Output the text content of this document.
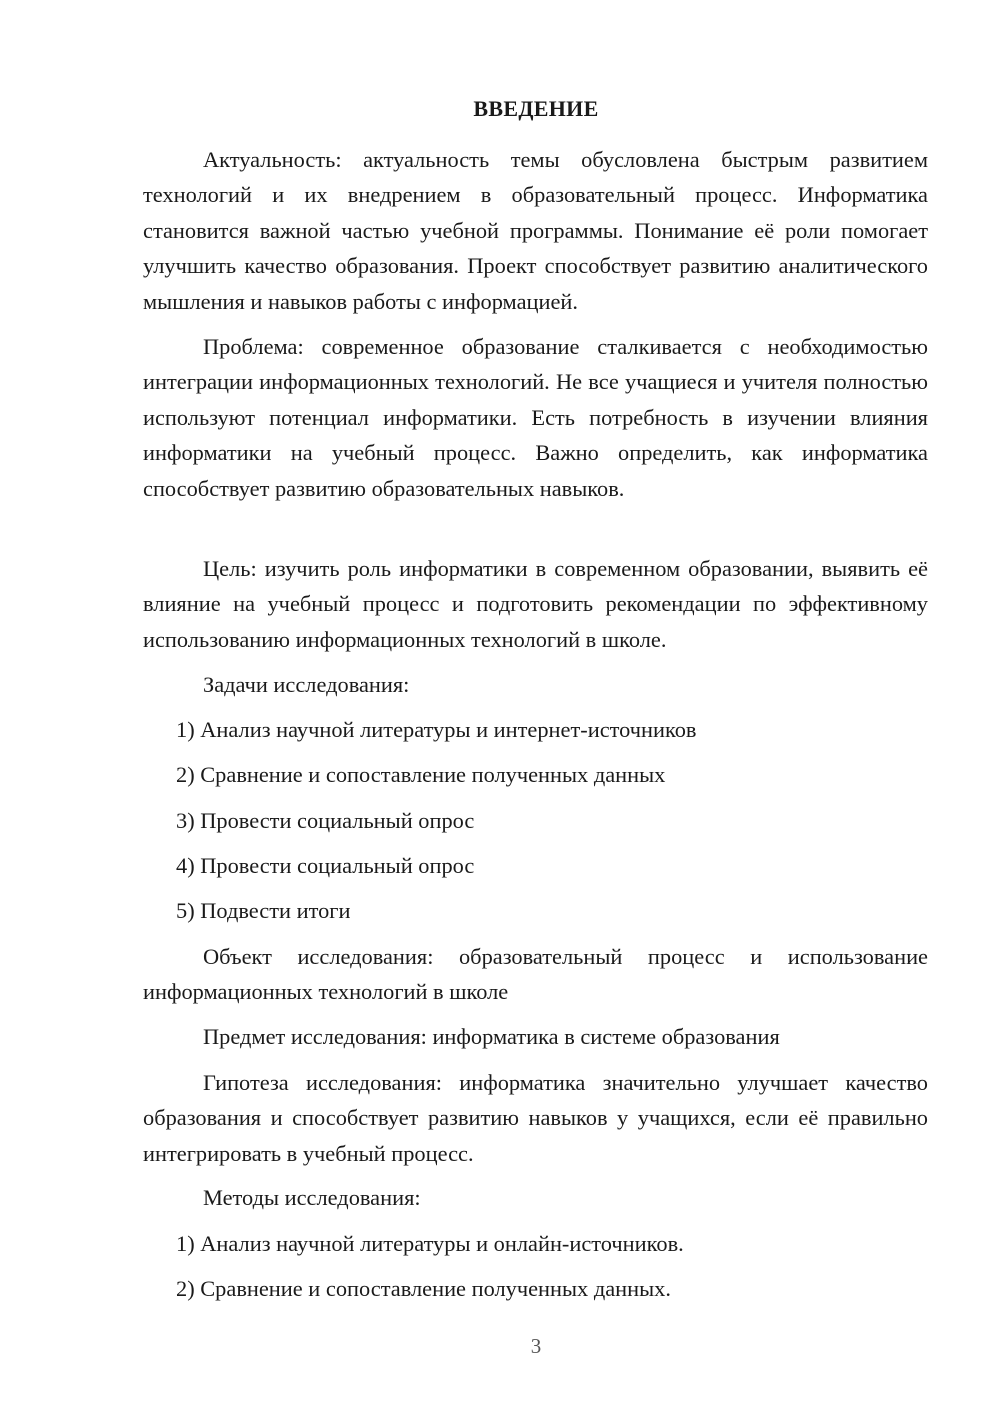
ВВЕДЕНИЕ

Актуальность: актуальность темы обусловлена быстрым развитием технологий и их внедрением в образовательный процесс. Информатика становится важной частью учебной программы. Понимание её роли помогает улучшить качество образования. Проект способствует развитию аналитического мышления и навыков работы с информацией.

Проблема: современное образование сталкивается с необходимостью интеграции информационных технологий. Не все учащиеся и учителя полностью используют потенциал информатики. Есть потребность в изучении влияния информатики на учебный процесс. Важно определить, как информатика способствует развитию образовательных навыков.

Цель: изучить роль информатики в современном образовании, выявить её влияние на учебный процесс и подготовить рекомендации по эффективному использованию информационных технологий в школе.

Задачи исследования:
1) Анализ научной литературы и интернет-источников
2) Сравнение и сопоставление полученных данных
3) Провести социальный опрос
4) Провести социальный опрос
5) Подвести итоги

Объект исследования: образовательный процесс и использование информационных технологий в школе

Предмет исследования: информатика в системе образования

Гипотеза исследования: информатика значительно улучшает качество образования и способствует развитию навыков у учащихся, если её правильно интегрировать в учебный процесс.

Методы исследования:
1) Анализ научной литературы и онлайн-источников.
2) Сравнение и сопоставление полученных данных.
3
